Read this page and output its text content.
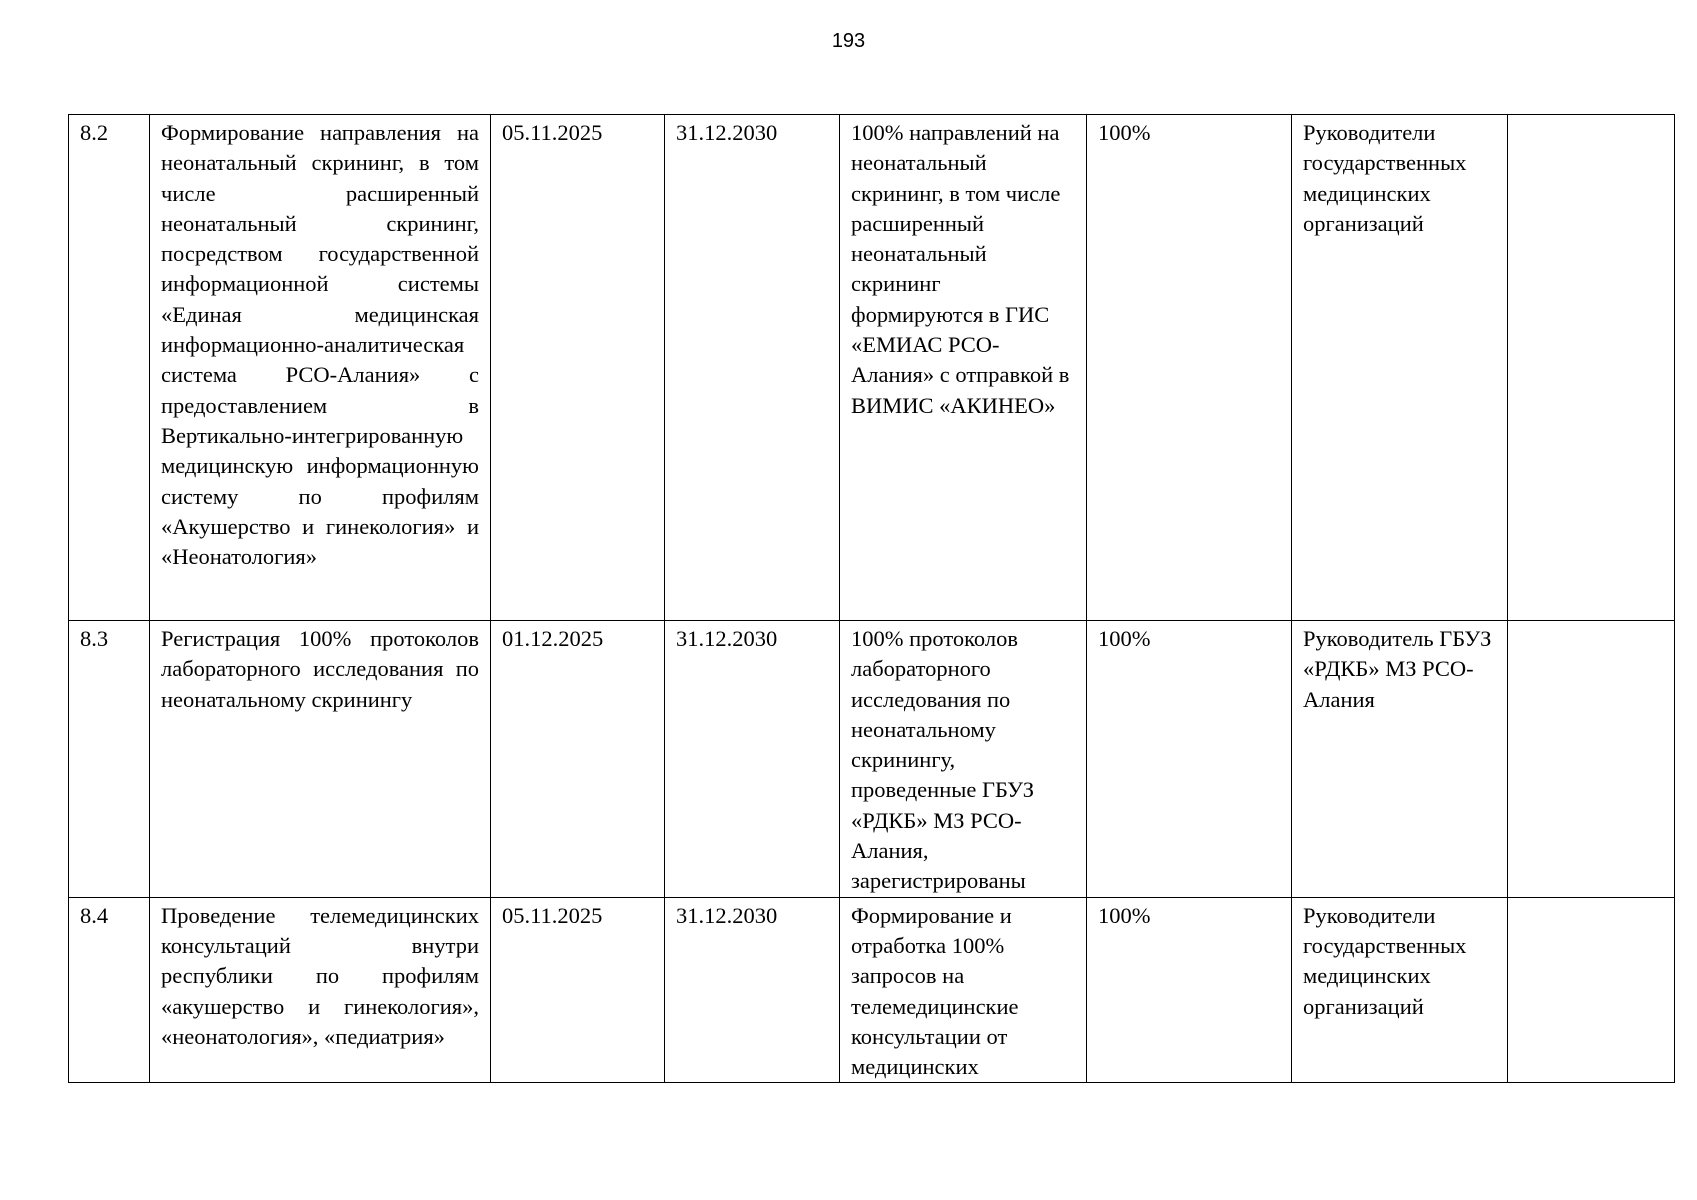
193
8.2	Формирование направления на неонатальный скрининг, в том числе расширенный неонатальный скрининг, посредством государственной информационной системы «Единая медицинская информационно-аналитическая система РСО-Алания» с предоставлением в Вертикально-интегрированную медицинскую информационную систему по профилям «Акушерство и гинекология» и «Неонатология»	05.11.2025	31.12.2030	100% направлений на неонатальный скрининг, в том числе расширенный неонатальный скрининг формируются в ГИС «ЕМИАС РСО-Алания» с отправкой в ВИМИС «АКИНЕО»	100%	Руководители государственных медицинских организаций	
8.3	Регистрация 100% протоколов лабораторного исследования по неонатальному скринингу	01.12.2025	31.12.2030	100% протоколов лабораторного исследования по неонатальному скринингу, проведенные ГБУЗ «РДКБ» МЗ РСО-Алания, зарегистрированы	100%	Руководитель ГБУЗ «РДКБ» МЗ РСО-Алания	
8.4	Проведение телемедицинских консультаций внутри республики по профилям «акушерство и гинекология», «неонатология», «педиатрия»	05.11.2025	31.12.2030	Формирование и отработка 100% запросов на телемедицинские консультации от медицинских	100%	Руководители государственных медицинских организаций	
